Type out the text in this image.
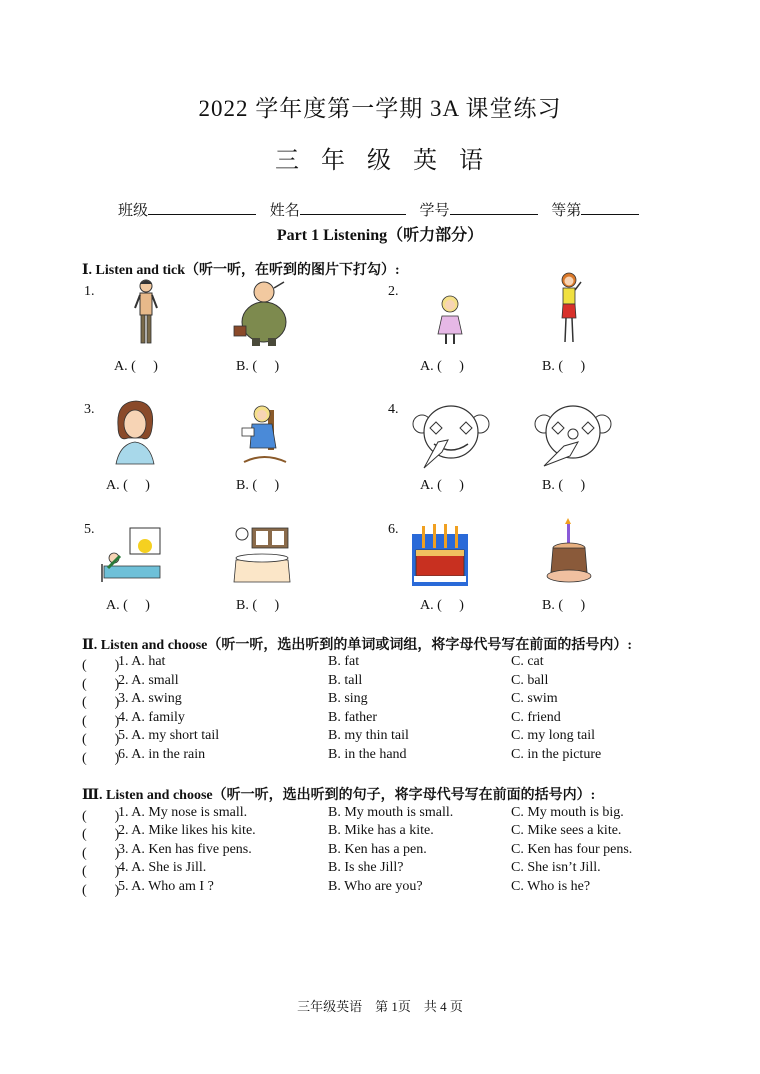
2022 学年度第一学期 3A 课堂练习
三 年 级 英 语
班级	姓名	学号	等第
Part 1 Listening（听力部分）
Ⅰ. Listen and tick（听一听，在听到的图片下打勾）:
1.	2.
A. (　 )	B. (　 )	A. (　 )	B. (　 )
3.	4.
A. (　 )	B. (　 )	A. (　 )	B. (　 )
5.	6.
A. (　 )	B. (　 )	A. (　 )	B. (　 )
Ⅱ. Listen and choose（听一听，选出听到的单词或词组，将字母代号写在前面的括号内）:
(　　)
1. A. hat	B. fat	C. cat
(　　)
2. A. small	B. tall	C. ball
(　　)
3. A. swing	B. sing	C. swim
(　　)
4. A. family	B. father	C. friend
(　　)
5. A. my short tail	B. my thin tail	C. my long tail
(　　)
6. A. in the rain	B. in the hand	C. in the picture
Ⅲ. Listen and choose（听一听，选出听到的句子，将字母代号写在前面的括号内）:
(　　)
1. A. My nose is small.	B. My mouth is small.	C. My mouth is big.
(　　)
2. A. Mike likes his kite.	B. Mike has a kite.	C. Mike sees a kite.
(　　)
3. A. Ken has five pens.	B. Ken has a pen.	C. Ken has four pens.
(　　)
4. A. She is Jill.	B. Is she Jill?	C. She isn’t Jill.
(　　)
5. A. Who am I ?	B. Who are you?	C. Who is he?
三年级英语　第 1页　共 4 页
